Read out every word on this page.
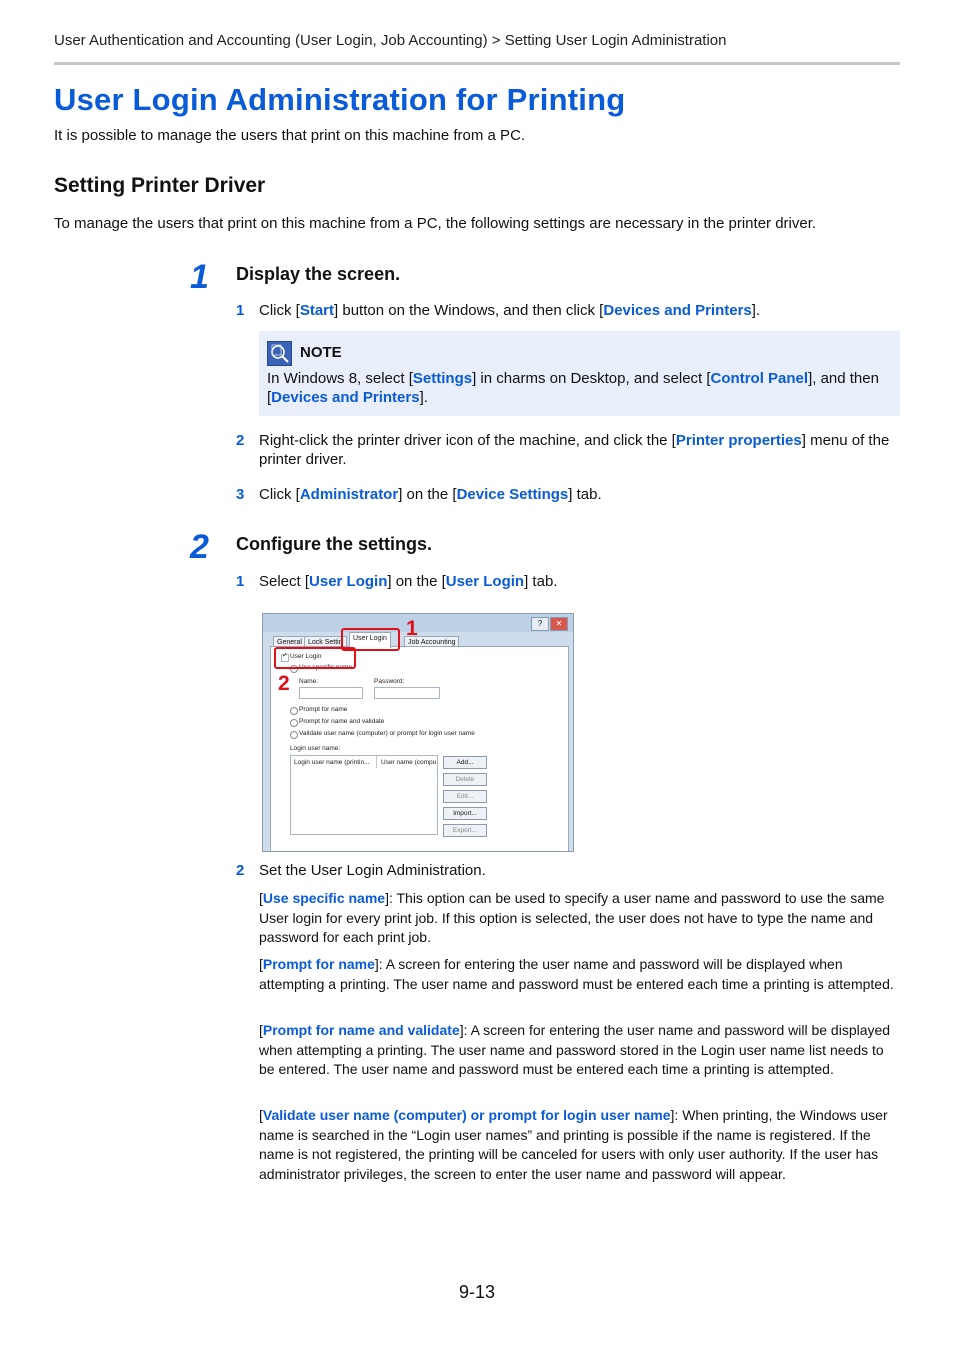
User Authentication and Accounting (User Login, Job Accounting) > Setting User Login Administration
User Login Administration for Printing
It is possible to manage the users that print on this machine from a PC.
Setting Printer Driver
To manage the users that print on this machine from a PC, the following settings are necessary in the printer driver.
1 Display the screen.
1 Click [Start] button on the Windows, and then click [Devices and Printers].
NOTE
In Windows 8, select [Settings] in charms on Desktop, and select [Control Panel], and then [Devices and Printers].
2 Right-click the printer driver icon of the machine, and click the [Printer properties] menu of the printer driver.
3 Click [Administrator] on the [Device Settings] tab.
2 Configure the settings.
1 Select [User Login] on the [User Login] tab.
?	✕
General Lock Settin	Job Accounting
User Login
✓ User Login
Use specific name
Name:	Password:
Prompt for name
Prompt for name and validate
Validate user name (computer) or prompt for login user name
Login user name:
Login user name (printin... User name (compu	Add...
Delete
Edit...
Import...
Export...
1
2
2 Set the User Login Administration.
[Use specific name]: This option can be used to specify a user name and password to use the same User login for every print job. If this option is selected, the user does not have to type the name and password for each print job.
[Prompt for name]: A screen for entering the user name and password will be displayed when attempting a printing. The user name and password must be entered each time a printing is attempted.
[Prompt for name and validate]: A screen for entering the user name and password will be displayed when attempting a printing. The user name and password stored in the Login user name list needs to be entered. The user name and password must be entered each time a printing is attempted.
[Validate user name (computer) or prompt for login user name]: When printing, the Windows user name is searched in the “Login user names” and printing is possible if the name is registered. If the name is not registered, the printing will be canceled for users with only user authority. If the user has administrator privileges, the screen to enter the user name and password will appear.
9-13
